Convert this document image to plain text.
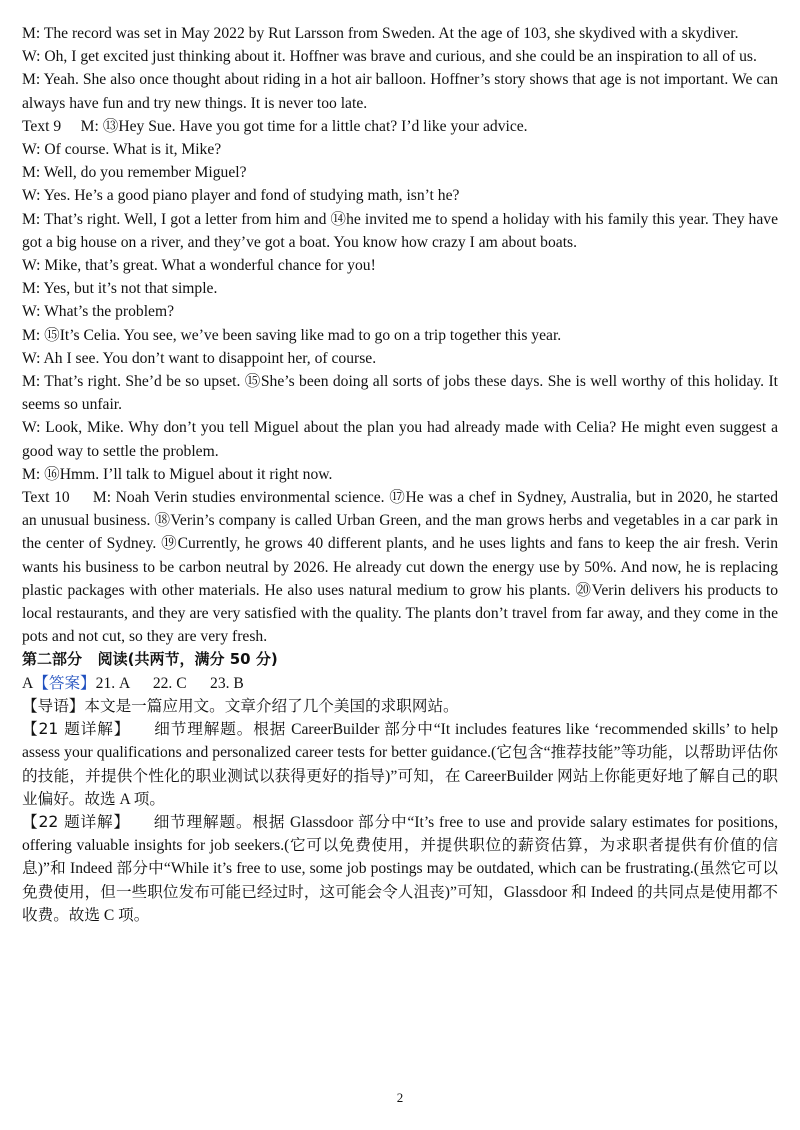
M: The record was set in May 2022 by Rut Larsson from Sweden. At the age of 103, she skydived with a skydiver.

W: Oh, I get excited just thinking about it. Hoffner was brave and curious, and she could be an inspiration to all of us.

M: Yeah. She also once thought about riding in a hot air balloon. Hoffner’s story shows that age is not important. We can always have fun and try new things. It is never too late.

Text 9     M: ⑬Hey Sue. Have you got time for a little chat? I’d like your advice.

W: Of course. What is it, Mike?

M: Well, do you remember Miguel?

W: Yes. He’s a good piano player and fond of studying math, isn’t he?

M: That’s right. Well, I got a letter from him and ⑭he invited me to spend a holiday with his family this year. They have got a big house on a river, and they’ve got a boat. You know how crazy I am about boats.

W: Mike, that’s great. What a wonderful chance for you!

M: Yes, but it’s not that simple.

W: What’s the problem?

M: ⑮It’s Celia. You see, we’ve been saving like mad to go on a trip together this year.

W: Ah I see. You don’t want to disappoint her, of course.

M: That’s right. She’d be so upset. ⑮She’s been doing all sorts of jobs these days. She is well worthy of this holiday. It seems so unfair.

W: Look, Mike. Why don’t you tell Miguel about the plan you had already made with Celia? He might even suggest a good way to settle the problem.

M: ⑯Hmm. I’ll talk to Miguel about it right now.

Text 10     M: Noah Verin studies environmental science. ⑰He was a chef in Sydney, Australia, but in 2020, he started an unusual business. ⑱Verin’s company is called Urban Green, and the man grows herbs and vegetables in a car park in the center of Sydney. ⑲Currently, he grows 40 different plants, and he uses lights and fans to keep the air fresh. Verin wants his business to be carbon neutral by 2026. He already cut down the energy use by 50%. And now, he is replacing plastic packages with other materials. He also uses natural medium to grow his plants. ⑳Verin delivers his products to local restaurants, and they are very satisfied with the quality. The plants don’t travel from far away, and they come in the pots and not cut, so they are very fresh.

第二部分   阅读(共两节，满分 50 分)

A【答案】21. A      22. C      23. B

【导语】本文是一篇应用文。文章介绍了几个美国的求职网站。

【21 题详解】     细节理解题。根据 CareerBuilder 部分中“It includes features like ‘recommended skills’ to help assess your qualifications and personalized career tests for better guidance.(它包含“推荐技能”等功能，以帮助评估你的技能，并提供个性化的职业测试以获得更好的指导)”可知，在 CareerBuilder 网站上你能更好地了解自己的职业偏好。故选 A 项。

【22 题详解】     细节理解题。根据 Glassdoor 部分中“It’s free to use and provide salary estimates for positions, offering valuable insights for job seekers.(它可以免费使用，并提供职位的薪资估算，为求职者提供有价值的信息)”和 Indeed 部分中“While it’s free to use, some job postings may be outdated, which can be frustrating.(虽然它可以免费使用，但一些职位发布可能已经过时，这可能会令人沮丧)”可知，Glassdoor 和 Indeed 的共同点是使用都不收费。故选 C 项。

2
